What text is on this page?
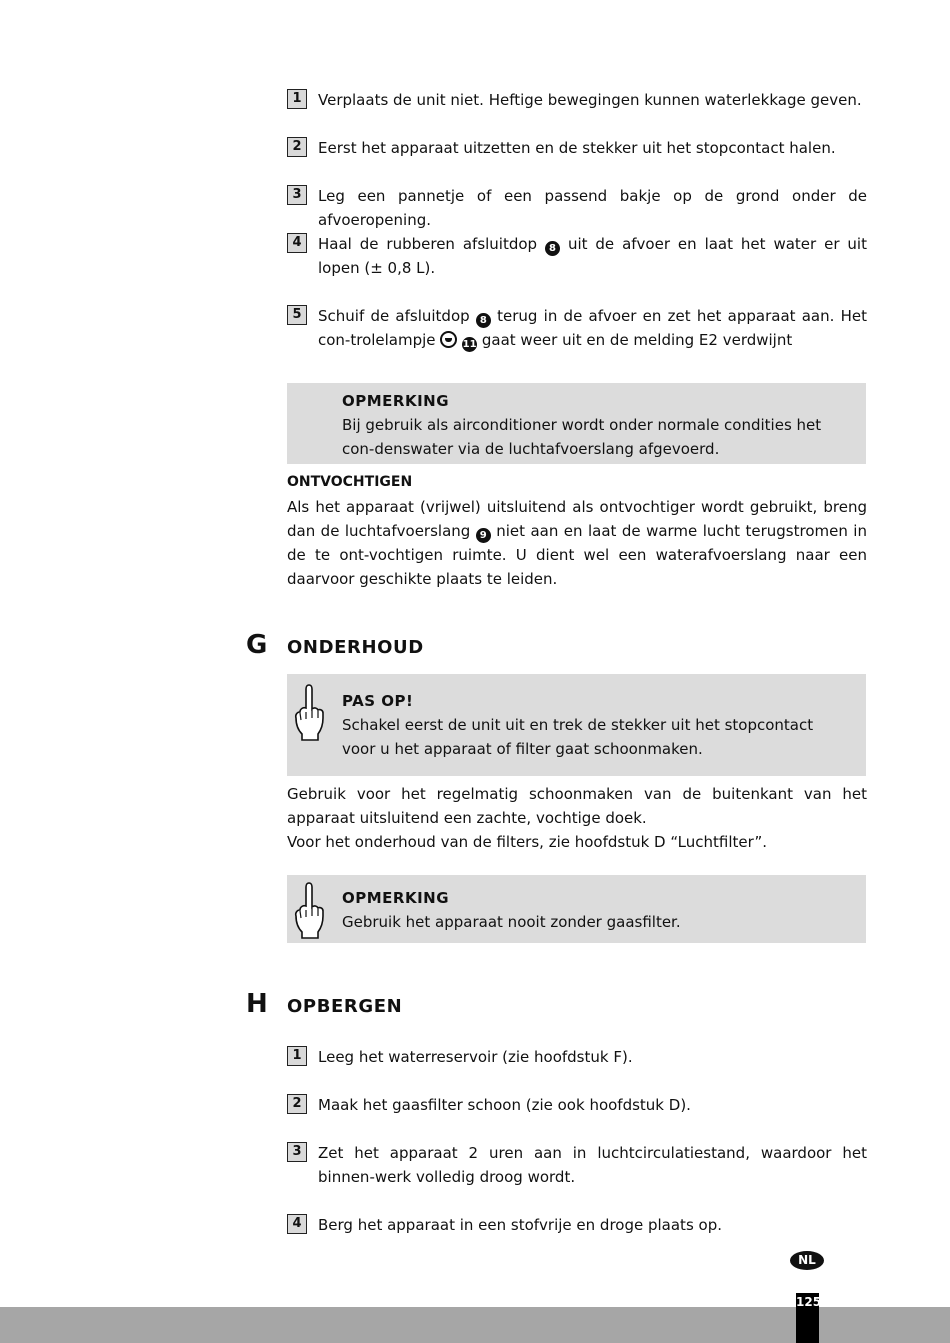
1	Verplaats de unit niet. Heftige bewegingen kunnen waterlekkage geven.
2	Eerst het apparaat uitzetten en de stekker uit het stopcontact halen.
3	Leg een pannetje of een passend bakje op de grond onder de afvoeropening.
4	Haal de rubberen afsluitdop 8 uit de afvoer en laat het water er uit lopen (± 0,8 L).
5	Schuif de afsluitdop 8 terug in de afvoer en zet het apparaat aan. Het con-trolelampje	11 gaat weer uit en de melding E2 verdwijnt
OPMERKING
Bij gebruik als airconditioner wordt onder normale condities het con-denswater via de luchtafvoerslang afgevoerd.
ONTVOCHTIGEN
Als het apparaat (vrijwel) uitsluitend als ontvochtiger wordt gebruikt, breng dan de luchtafvoerslang 9 niet aan en laat de warme lucht terugstromen in de te ont-vochtigen ruimte. U dient wel een waterafvoerslang naar een daarvoor geschikte plaats te leiden.
G ONDERHOUD
PAS OP!
Schakel eerst de unit uit en trek de stekker uit het stopcontact voor u het apparaat of filter gaat schoonmaken.
Gebruik voor het regelmatig schoonmaken van de buitenkant van het apparaat uitsluitend een zachte, vochtige doek.
Voor het onderhoud van de filters, zie hoofdstuk D “Luchtfilter”.
OPMERKING
Gebruik het apparaat nooit zonder gaasfilter.
H OPBERGEN
1	Leeg het waterreservoir (zie hoofdstuk F).
2	Maak het gaasfilter schoon (zie ook hoofdstuk D).
3	Zet het apparaat 2 uren aan in luchtcirculatiestand, waardoor het binnen-werk volledig droog wordt.
4	Berg het apparaat in een stofvrije en droge plaats op.
NL
125
